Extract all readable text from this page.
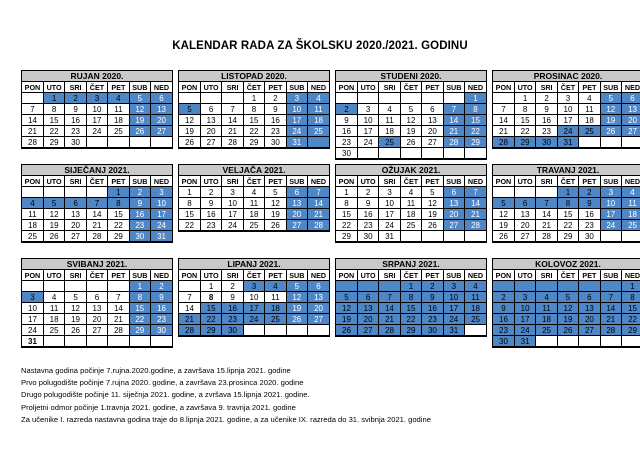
KALENDAR RADA ZA ŠKOLSKU 2020./2021. GODINU
RUJAN 2020.
PON	UTO	SRI	ČET	PET	SUB	NED
	1	2	3	4	5	6
7	8	9	10	11	12	13
14	15	16	17	18	19	20
21	22	23	24	25	26	27
28	29	30				
LISTOPAD 2020.
PON	UTO	SRI	ČET	PET	SUB	NED
			1	2	3	4
5	6	7	8	9	10	11
12	13	14	15	16	17	18
19	20	21	22	23	24	25
26	27	28	29	30	31	
STUDENI 2020.
PON	UTO	SRI	ČET	PET	SUB	NED
						1
2	3	4	5	6	7	8
9	10	11	12	13	14	15
16	17	18	19	20	21	22
23	24	25	26	27	28	29
30						
PROSINAC 2020.
PON	UTO	SRI	ČET	PET	SUB	NED
	1	2	3	4	5	6
7	8	9	10	11	12	13
14	15	16	17	18	19	20
21	22	23	24	25	26	27
28	29	30	31			
SIJEČANJ 2021.
PON	UTO	SRI	ČET	PET	SUB	NED
				1	2	3
4	5	6	7	8	9	10
11	12	13	14	15	16	17
18	19	20	21	22	23	24
25	26	27	28	29	30	31
VELJAČA 2021.
PON	UTO	SRI	ČET	PET	SUB	NED
1	2	3	4	5	6	7
8	9	10	11	12	13	14
15	16	17	18	19	20	21
22	23	24	25	26	27	28
OŽUJAK 2021.
PON	UTO	SRI	ČET	PET	SUB	NED
1	2	3	4	5	6	7
8	9	10	11	12	13	14
15	16	17	18	19	20	21
22	23	24	25	26	27	28
29	30	31				
TRAVANJ 2021.
PON	UTO	SRI	ČET	PET	SUB	NED
			1	2	3	4
5	6	7	8	9	10	11
12	13	14	15	16	17	18
19	20	21	22	23	24	25
26	27	28	29	30		
SVIBANJ 2021.
PON	UTO	SRI	ČET	PET	SUB	NED
					1	2
3	4	5	6	7	8	9
10	11	12	13	14	15	16
17	18	19	20	21	22	23
24	25	26	27	28	29	30
31						
LIPANJ 2021.
PON	UTO	SRI	ČET	PET	SUB	NED
	1	2	3	4	5	6
7	8	9	10	11	12	13
14	15	16	17	18	19	20
21	22	23	24	25	26	27
28	29	30				
SRPANJ 2021.
PON	UTO	SRI	ČET	PET	SUB	NED
			1	2	3	4
5	6	7	8	9	10	11
12	13	14	15	16	17	18
19	20	21	22	23	24	25
26	27	28	29	30	31	
KOLOVOZ 2021.
PON	UTO	SRI	ČET	PET	SUB	NED
						1
2	3	4	5	6	7	8
9	10	11	12	13	14	15
16	17	18	19	20	21	22
23	24	25	26	27	28	29
30	31					
Nastavna godina počinje 7.rujna.2020.godine, a završava 15.lipnja 2021. godine
Prvo polugodište počinje 7.rujna 2020. godine, a završava 23.prosinca 2020. godine
Drugo polugodište počinje 11. siječnja 2021. godine, a zvršava 15.lipnja 2021. godine.
Proljetni odmor počinje 1.travnja 2021. godine, a završava 9. travnja 2021. godine
Za učenike I. razreda nastavna godina traje do 8.lipnja 2021. godine, a za učenike IX. razreda do 31. svibnja 2021. godine
